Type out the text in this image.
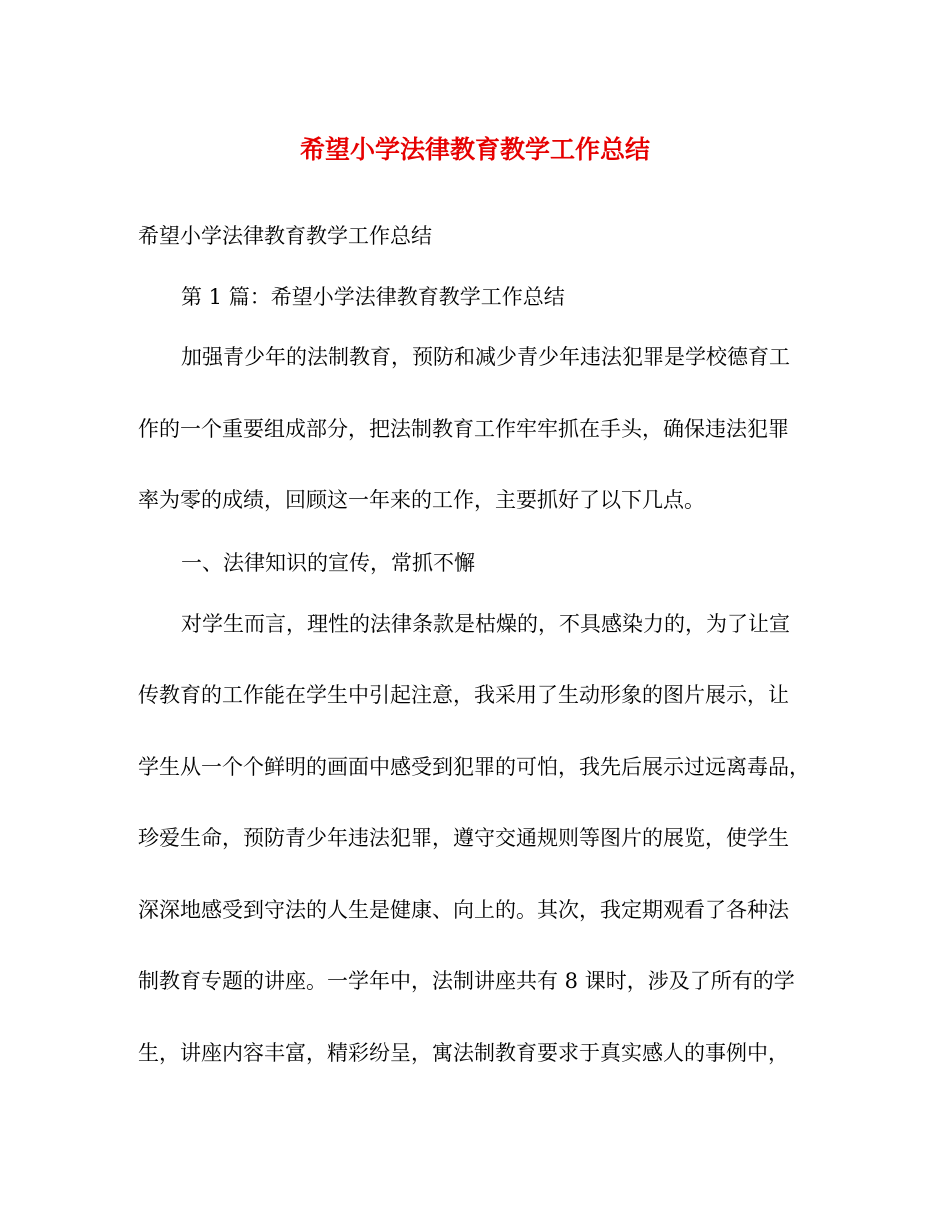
希望小学法律教育教学工作总结
希望小学法律教育教学工作总结
第 1 篇：希望小学法律教育教学工作总结
加强青少年的法制教育，预防和减少青少年违法犯罪是学校德育工
作的一个重要组成部分，把法制教育工作牢牢抓在手头，确保违法犯罪
率为零的成绩，回顾这一年来的工作，主要抓好了以下几点。
一、法律知识的宣传，常抓不懈
对学生而言，理性的法律条款是枯燥的，不具感染力的，为了让宣
传教育的工作能在学生中引起注意，我采用了生动形象的图片展示，让
学生从一个个鲜明的画面中感受到犯罪的可怕，我先后展示过远离毒品，
珍爱生命，预防青少年违法犯罪，遵守交通规则等图片的展览，使学生
深深地感受到守法的人生是健康、向上的。其次，我定期观看了各种法
制教育专题的讲座。一学年中，法制讲座共有 8 课时，涉及了所有的学
生，讲座内容丰富，精彩纷呈，寓法制教育要求于真实感人的事例中，
